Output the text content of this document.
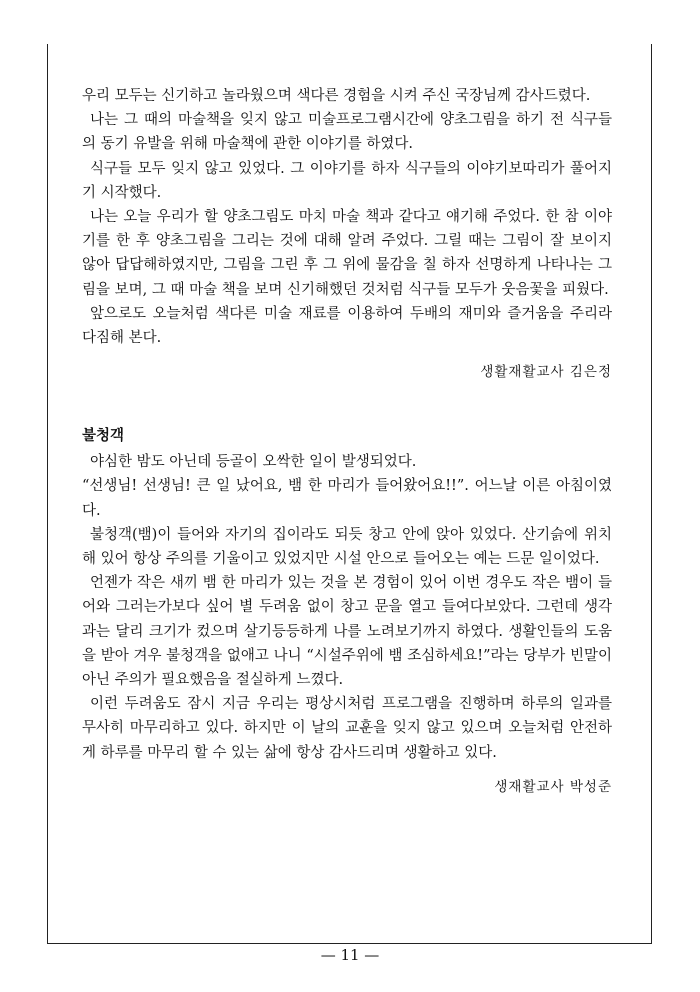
우리 모두는 신기하고 놀라웠으며 색다른 경험을 시켜 주신 국장님께 감사드렸다.

나는 그 때의 마술책을 잊지 않고 미술프로그램시간에 양초그림을 하기 전 식구들의 동기 유발을 위해 마술책에 관한 이야기를 하였다.

식구들 모두 잊지 않고 있었다. 그 이야기를 하자 식구들의 이야기보따리가 풀어지기 시작했다.

나는 오늘 우리가 할 양초그림도 마치 마술 책과 같다고 얘기해 주었다. 한 참 이야기를 한 후 양초그림을 그리는 것에 대해 알려 주었다. 그릴 때는 그림이 잘 보이지 않아 답답해하였지만, 그림을 그린 후 그 위에 물감을 칠 하자 선명하게 나타나는 그림을 보며, 그 때 마술 책을 보며 신기해했던 것처럼 식구들 모두가 웃음꽃을 피웠다.

앞으로도 오늘처럼 색다른 미술 재료를 이용하여 두배의 재미와 즐거움을 주리라 다짐해 본다.

생활재활교사 김은정

불청객

야심한 밤도 아닌데 등골이 오싹한 일이 발생되었다.

“선생님! 선생님! 큰 일 났어요, 뱀 한 마리가 들어왔어요!!”. 어느날 이른 아침이였다.

불청객(뱀)이 들어와 자기의 집이라도 되듯 창고 안에 앉아 있었다. 산기슭에 위치해 있어 항상 주의를 기울이고 있었지만 시설 안으로 들어오는 예는 드문 일이었다.

언젠가 작은 새끼 뱀 한 마리가 있는 것을 본 경험이 있어 이번 경우도 작은 뱀이 들어와 그러는가보다 싶어 별 두려움 없이 창고 문을 열고 들여다보았다. 그런데 생각과는 달리 크기가 컸으며 살기등등하게 나를 노려보기까지 하였다. 생활인들의 도움을 받아 겨우 불청객을 없애고 나니 “시설주위에 뱀 조심하세요!”라는 당부가 빈말이 아닌 주의가 필요했음을 절실하게 느꼈다.

이런 두려움도 잠시 지금 우리는 평상시처럼 프로그램을 진행하며 하루의 일과를 무사히 마무리하고 있다. 하지만 이 날의 교훈을 잊지 않고 있으며 오늘처럼 안전하게 하루를 마무리 할 수 있는 삶에 항상 감사드리며 생활하고 있다.

생재활교사 박성준

— 11 —
